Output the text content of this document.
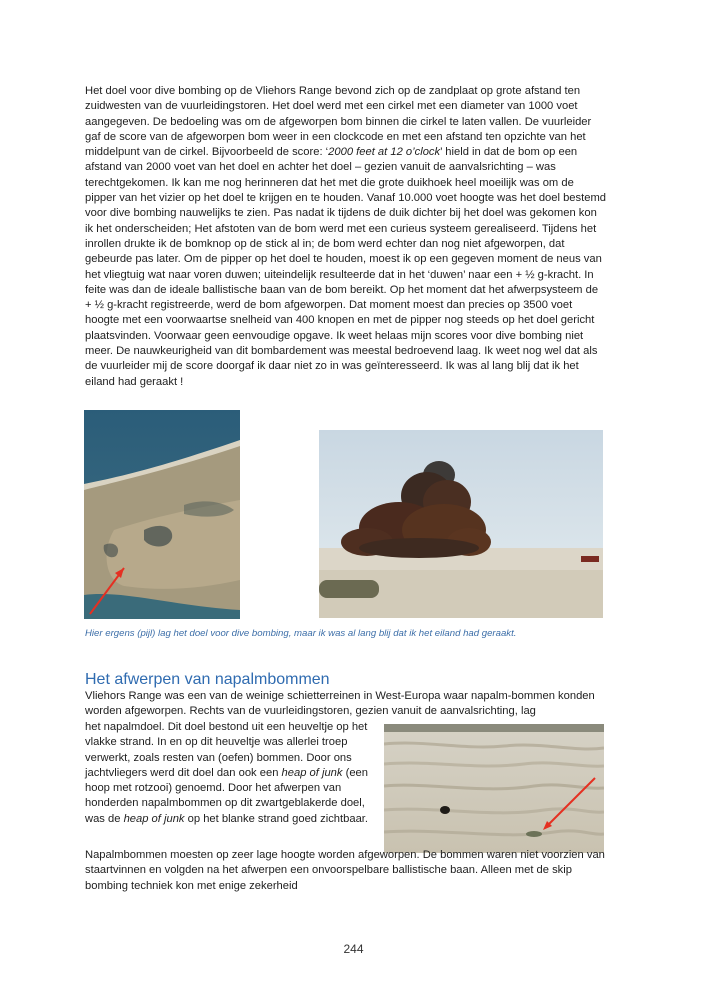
Het doel voor dive bombing op de Vliehors Range bevond zich op de zandplaat op grote afstand ten zuidwesten van de vuurleidingstoren. Het doel werd met een cirkel met een diameter van 1000 voet aangegeven. De bedoeling was om de afgeworpen bom binnen die cirkel te laten vallen. De vuurleider gaf de score van de afgeworpen bom weer in een clockcode en met een afstand ten opzichte van het middelpunt van de cirkel. Bijvoorbeeld de score: ‘2000 feet at 12 o’clock’ hield in dat de bom op een afstand van 2000 voet van het doel en achter het doel – gezien vanuit de aanvalsrichting – was terechtgekomen. Ik kan me nog herinneren dat het met die grote duikhoek heel moeilijk was om de pipper van het vizier op het doel te krijgen en te houden. Vanaf 10.000 voet hoogte was het doel bestemd voor dive bombing nauwelijks te zien. Pas nadat ik tijdens de duik dichter bij het doel was gekomen kon ik het onderscheiden; Het afstoten van de bom werd met een curieus systeem gerealiseerd. Tijdens het inrollen drukte ik de bomknop op de stick al in; de bom werd echter dan nog niet afgeworpen, dat gebeurde pas later. Om de pipper op het doel te houden, moest ik op een gegeven moment de neus van het vliegtuig wat naar voren duwen; uiteindelijk resulteerde dat in het ‘duwen’ naar een + ½ g-kracht. In feite was dan de ideale ballistische baan van de bom bereikt. Op het moment dat het afwerpsysteem de + ½ g-kracht registreerde, werd de bom afgeworpen. Dat moment moest dan precies op 3500 voet hoogte met een voorwaartse snelheid van 400 knopen en met de pipper nog steeds op het doel gericht plaatsvinden. Voorwaar geen eenvoudige opgave. Ik weet helaas mijn scores voor dive bombing niet meer. De nauwkeurigheid van dit bombardement was meestal bedroevend laag. Ik weet nog wel dat als de vuurleider mij de score doorgaf ik daar niet zo in was geïnteresseerd. Ik was al lang blij dat ik het eiland had geraakt !

Hier ergens (pijl) lag het doel voor dive bombing, maar ik was al lang blij dat ik het eiland had geraakt.

Het afwerpen van napalmbommen

Vliehors Range was een van de weinige schietterreinen in West-Europa waar napalm-bommen konden worden afgeworpen. Rechts van de vuurleidingstoren, gezien vanuit de aanvalsrichting, lag

het napalmdoel. Dit doel bestond uit een heuveltje op het vlakke strand. In en op dit heuveltje was allerlei troep verwerkt, zoals resten van (oefen) bommen. Door ons jachtvliegers werd dit doel dan ook een heap of junk (een hoop met rotzooi) genoemd. Door het afwerpen van honderden napalmbommen op dit zwartgeblakerde doel, was de heap of junk op het blanke strand goed zichtbaar.

Napalmbommen moesten op zeer lage hoogte worden afgeworpen. De bommen waren niet voorzien van staartvinnen en volgden na het afwerpen een onvoorspelbare ballistische baan. Alleen met de skip bombing techniek kon met enige zekerheid

244
